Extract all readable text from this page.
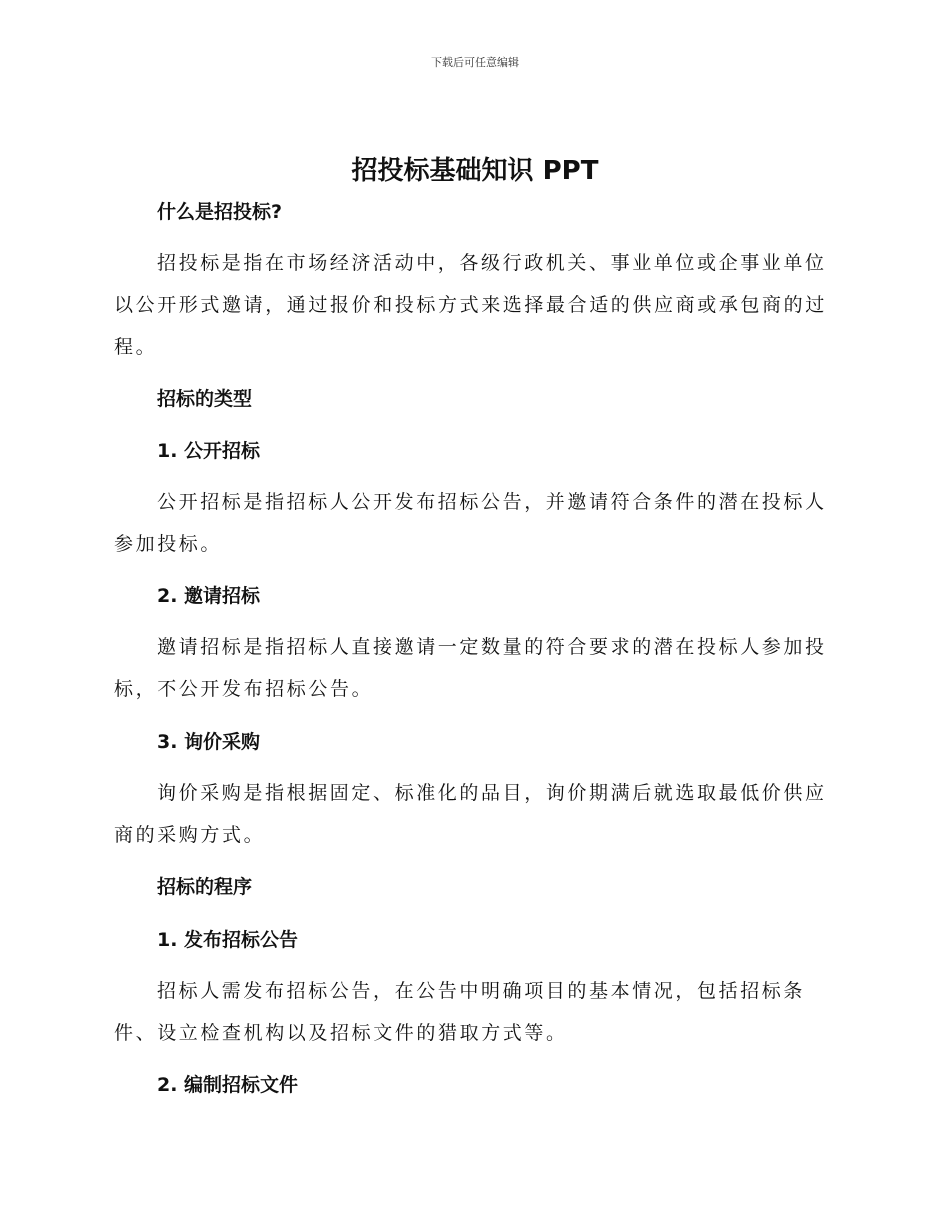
下载后可任意编辑
招投标基础知识 PPT
什么是招投标?

招投标是指在市场经济活动中，各级行政机关、事业单位或企事业单位以公开形式邀请，通过报价和投标方式来选择最合适的供应商或承包商的过程。

招标的类型
1. 公开招标

公开招标是指招标人公开发布招标公告，并邀请符合条件的潜在投标人参加投标。

2. 邀请招标

邀请招标是指招标人直接邀请一定数量的符合要求的潜在投标人参加投标，不公开发布招标公告。

3. 询价采购

询价采购是指根据固定、标准化的品目，询价期满后就选取最低价供应商的采购方式。

招标的程序
1. 发布招标公告

招标人需发布招标公告，在公告中明确项目的基本情况，包括招标条件、设立检查机构以及招标文件的猎取方式等。

2. 编制招标文件
